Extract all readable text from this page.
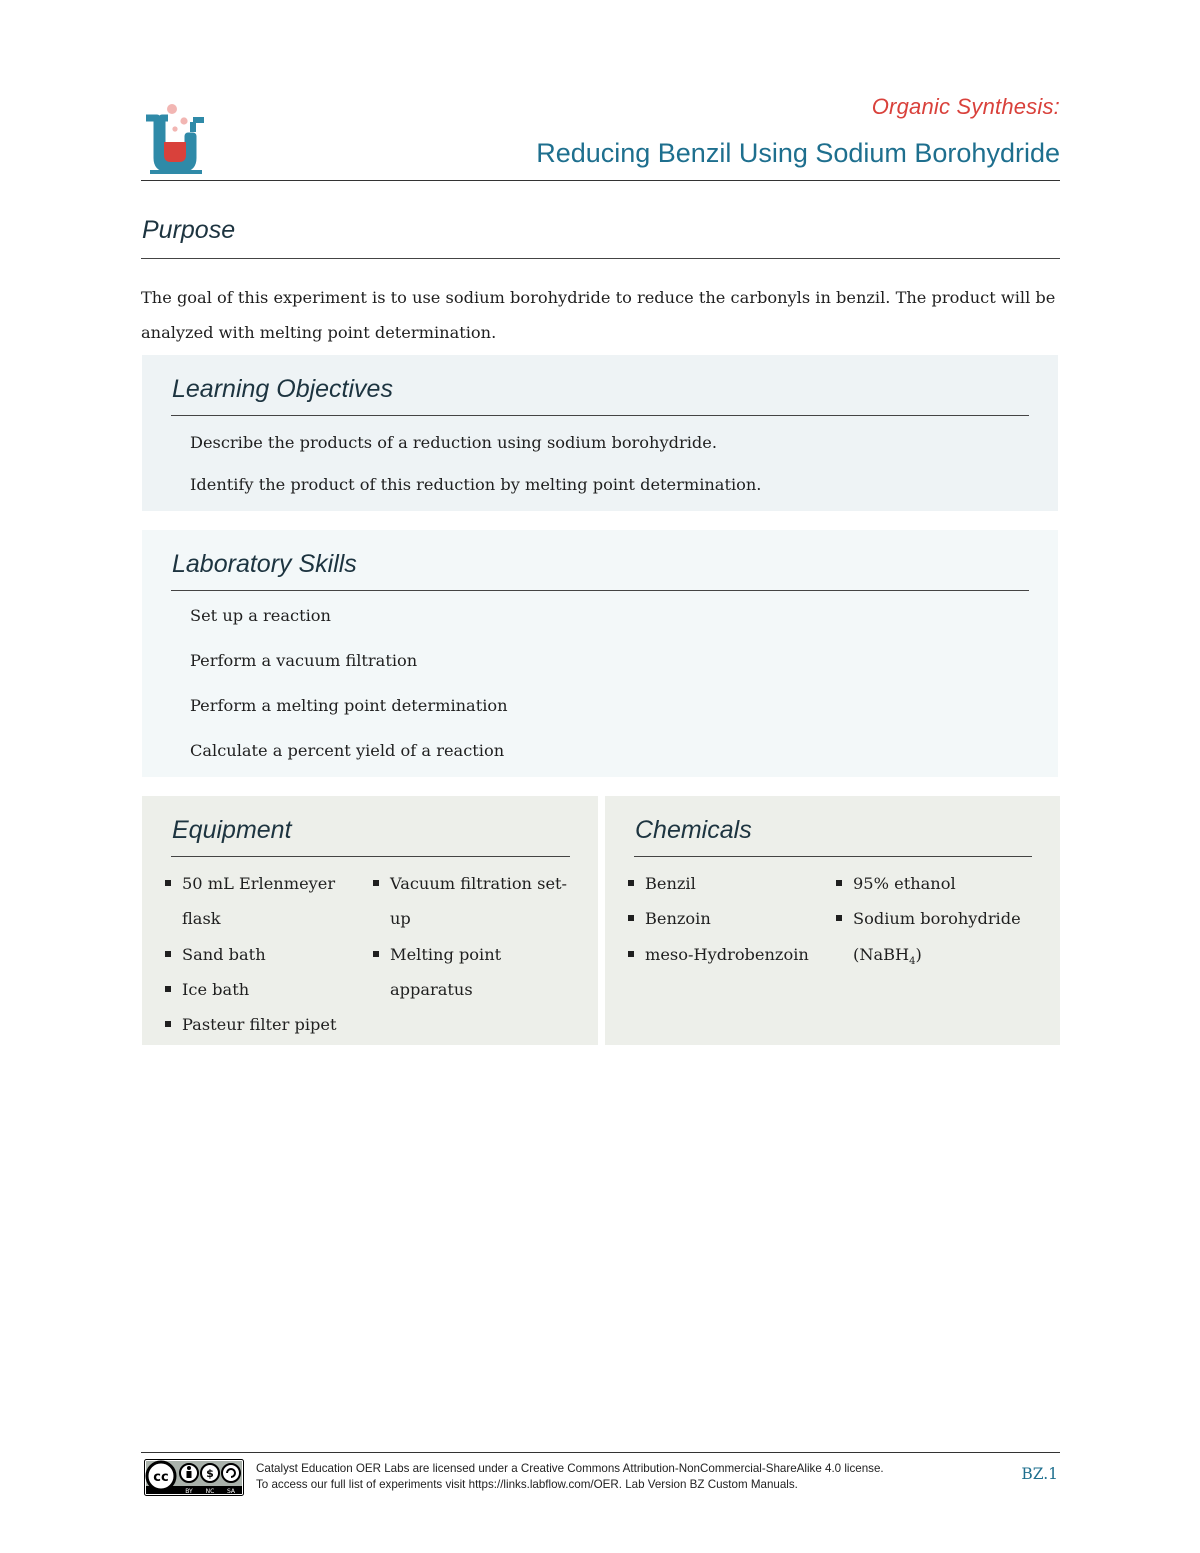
Organic Synthesis:
Reducing Benzil Using Sodium Borohydride
Purpose

The goal of this experiment is to use sodium borohydride to reduce the carbonyls in benzil. The product will be analyzed with melting point determination.

Learning Objectives
Describe the products of a reduction using sodium borohydride.
Identify the product of this reduction by melting point determination.
Laboratory Skills
Set up a reaction
Perform a vacuum filtration
Perform a melting point determination
Calculate a percent yield of a reaction
Equipment
50 mL Erlenmeyer flask
Sand bath
Ice bath
Pasteur filter pipet
Vacuum filtration set-up
Melting point apparatus
Chemicals
Benzil
Benzoin
meso-Hydrobenzoin
95% ethanol
Sodium borohydride
(NaBH$_4$)
cc	$
BY NC SA
Catalyst Education OER Labs are licensed under a Creative Commons Attribution-NonCommercial-ShareAlike 4.0 license.
To access our full list of experiments visit https://links.labflow.com/OER. Lab Version BZ Custom Manuals.
BZ.1
